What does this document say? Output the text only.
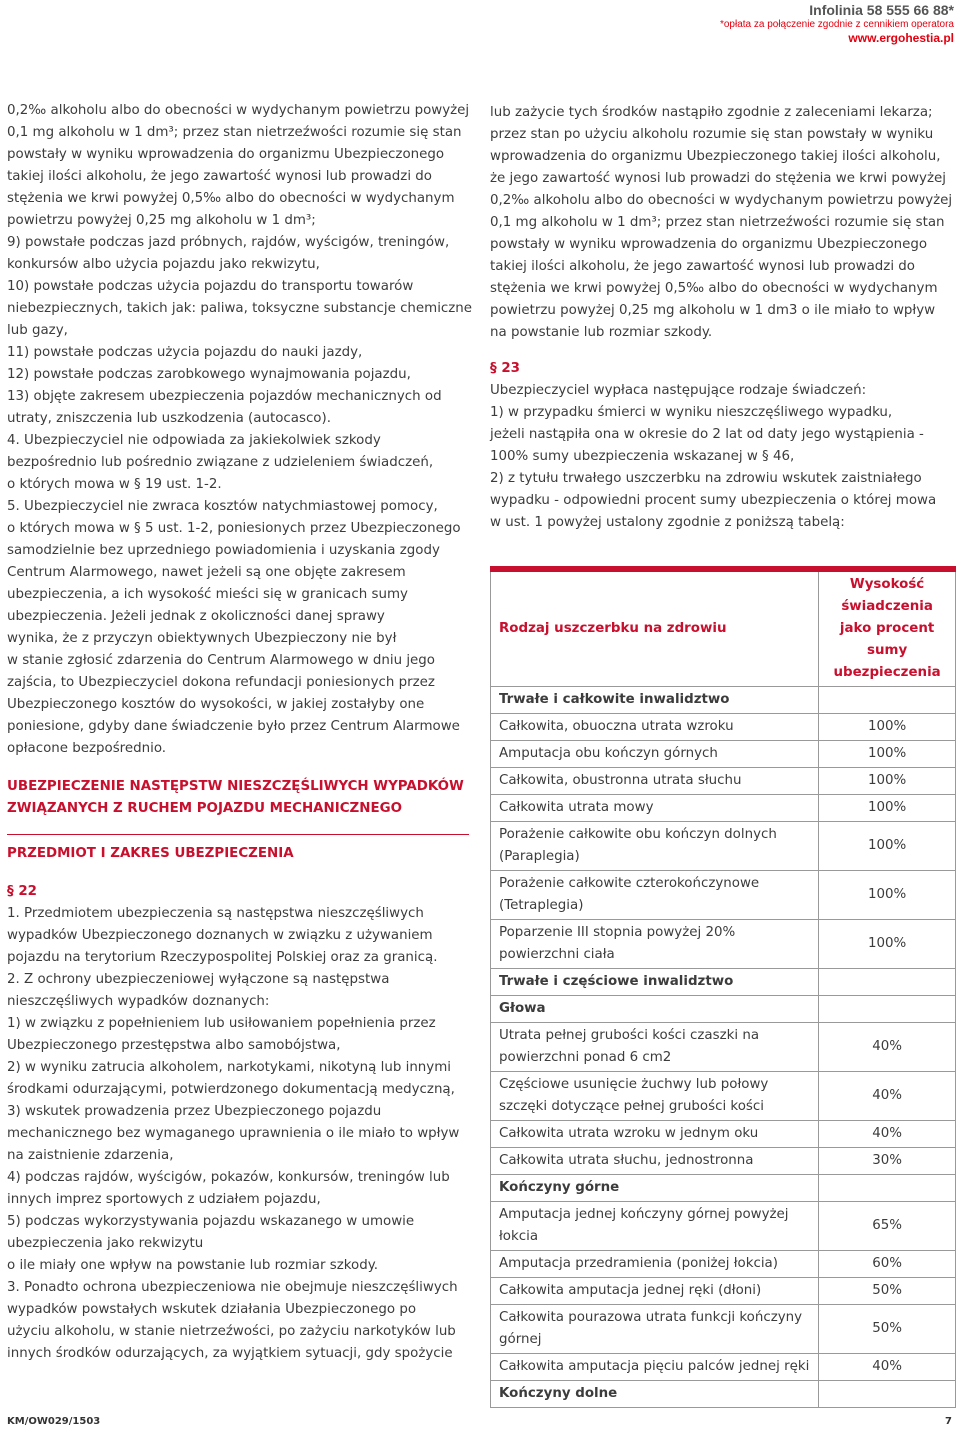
Infolinia 58 555 66 88*
*opłata za połączenie zgodnie z cennikiem operatora
www.ergohestia.pl

0,2‰ alkoholu albo do obecności w wydychanym powietrzu powyżej

0,1 mg alkoholu w 1 dm³; przez stan nietrzeźwości rozumie się stan

powstały w wyniku wprowadzenia do organizmu Ubezpieczonego

takiej ilości alkoholu, że jego zawartość wynosi lub prowadzi do

stężenia we krwi powyżej 0,5‰ albo do obecności w wydychanym

powietrzu powyżej 0,25 mg alkoholu w 1 dm³;

9) powstałe podczas jazd próbnych, rajdów, wyścigów, treningów,

konkursów albo użycia pojazdu jako rekwizytu,

10) powstałe podczas użycia pojazdu do transportu towarów

niebezpiecznych, takich jak: paliwa, toksyczne substancje chemiczne

lub gazy,

11) powstałe podczas użycia pojazdu do nauki jazdy,

12) powstałe podczas zarobkowego wynajmowania pojazdu,

13) objęte zakresem ubezpieczenia pojazdów mechanicznych od

utraty, zniszczenia lub uszkodzenia (autocasco).

4. Ubezpieczyciel nie odpowiada za jakiekolwiek szkody

bezpośrednio lub pośrednio związane z udzieleniem świadczeń,

o których mowa w § 19 ust. 1-2.

5. Ubezpieczyciel nie zwraca kosztów natychmiastowej pomocy,

o których mowa w § 5 ust. 1-2, poniesionych przez Ubezpieczonego

samodzielnie bez uprzedniego powiadomienia i uzyskania zgody

Centrum Alarmowego, nawet jeżeli są one objęte zakresem

ubezpieczenia, a ich wysokość mieści się w granicach sumy

ubezpieczenia. Jeżeli jednak z okoliczności danej sprawy

wynika, że z przyczyn obiektywnych Ubezpieczony nie był

w stanie zgłosić zdarzenia do Centrum Alarmowego w dniu jego

zajścia, to Ubezpieczyciel dokona refundacji poniesionych przez

Ubezpieczonego kosztów do wysokości, w jakiej zostałyby one

poniesione, gdyby dane świadczenie było przez Centrum Alarmowe

opłacone bezpośrednio.

UBEZPIECZENIE NASTĘPSTW NIESZCZĘŚLIWYCH WYPADKÓW

ZWIĄZANYCH Z RUCHEM POJAZDU MECHANICZNEGO

PRZEDMIOT I ZAKRES UBEZPIECZENIA

§ 22

1. Przedmiotem ubezpieczenia są następstwa nieszczęśliwych

wypadków Ubezpieczonego doznanych w związku z używaniem

pojazdu na terytorium Rzeczypospolitej Polskiej oraz za granicą.

2. Z ochrony ubezpieczeniowej wyłączone są następstwa

nieszczęśliwych wypadków doznanych:

1) w związku z popełnieniem lub usiłowaniem popełnienia przez

Ubezpieczonego przestępstwa albo samobójstwa,

2) w wyniku zatrucia alkoholem, narkotykami, nikotyną lub innymi

środkami odurzającymi, potwierdzonego dokumentacją medyczną,

3) wskutek prowadzenia przez Ubezpieczonego pojazdu

mechanicznego bez wymaganego uprawnienia o ile miało to wpływ

na zaistnienie zdarzenia,

4) podczas rajdów, wyścigów, pokazów, konkursów, treningów lub

innych imprez sportowych z udziałem pojazdu,

5) podczas wykorzystywania pojazdu wskazanego w umowie

ubezpieczenia jako rekwizytu

o ile miały one wpływ na powstanie lub rozmiar szkody.

3. Ponadto ochrona ubezpieczeniowa nie obejmuje nieszczęśliwych

wypadków powstałych wskutek działania Ubezpieczonego po

użyciu alkoholu, w stanie nietrzeźwości, po zażyciu narkotyków lub

innych środków odurzających, za wyjątkiem sytuacji, gdy spożycie

lub zażycie tych środków nastąpiło zgodnie z zaleceniami lekarza;

przez stan po użyciu alkoholu rozumie się stan powstały w wyniku

wprowadzenia do organizmu Ubezpieczonego takiej ilości alkoholu,

że jego zawartość wynosi lub prowadzi do stężenia we krwi powyżej

0,2‰ alkoholu albo do obecności w wydychanym powietrzu powyżej

0,1 mg alkoholu w 1 dm³; przez stan nietrzeźwości rozumie się stan

powstały w wyniku wprowadzenia do organizmu Ubezpieczonego

takiej ilości alkoholu, że jego zawartość wynosi lub prowadzi do

stężenia we krwi powyżej 0,5‰ albo do obecności w wydychanym

powietrzu powyżej 0,25 mg alkoholu w 1 dm3 o ile miało to wpływ

na powstanie lub rozmiar szkody.

§ 23

Ubezpieczyciel wypłaca następujące rodzaje świadczeń:

1) w przypadku śmierci w wyniku nieszczęśliwego wypadku,

jeżeli nastąpiła ona w okresie do 2 lat od daty jego wystąpienia -

100% sumy ubezpieczenia wskazanej w § 46,

2) z tytułu trwałego uszczerbku na zdrowiu wskutek zaistniałego

wypadku - odpowiedni procent sumy ubezpieczenia o której mowa

w ust. 1 powyżej ustalony zgodnie z poniższą tabelą:

Rodzaj uszczerbku na zdrowiu	Wysokość świadczenia jako procent sumy ubezpieczenia
Trwałe i całkowite inwalidztwo	
Całkowita, obuoczna utrata wzroku	100%
Amputacja obu kończyn górnych	100%
Całkowita, obustronna utrata słuchu	100%
Całkowita utrata mowy	100%
Porażenie całkowite obu kończyn dolnych (Paraplegia)	100%
Porażenie całkowite czterokończynowe (Tetraplegia)	100%
Poparzenie III stopnia powyżej 20% powierzchni ciała	100%
Trwałe i częściowe inwalidztwo	
Głowa	
Utrata pełnej grubości kości czaszki na powierzchni ponad 6 cm2	40%
Częściowe usunięcie żuchwy lub połowy szczęki dotyczące pełnej grubości kości	40%
Całkowita utrata wzroku w jednym oku	40%
Całkowita utrata słuchu, jednostronna	30%
Kończyny górne	
Amputacja jednej kończyny górnej powyżej łokcia	65%
Amputacja przedramienia (poniżej łokcia)	60%
Całkowita amputacja jednej ręki (dłoni)	50%
Całkowita pourazowa utrata funkcji kończyny górnej	50%
Całkowita amputacja pięciu palców jednej ręki	40%
Kończyny dolne	
KM/OW029/1503	7
